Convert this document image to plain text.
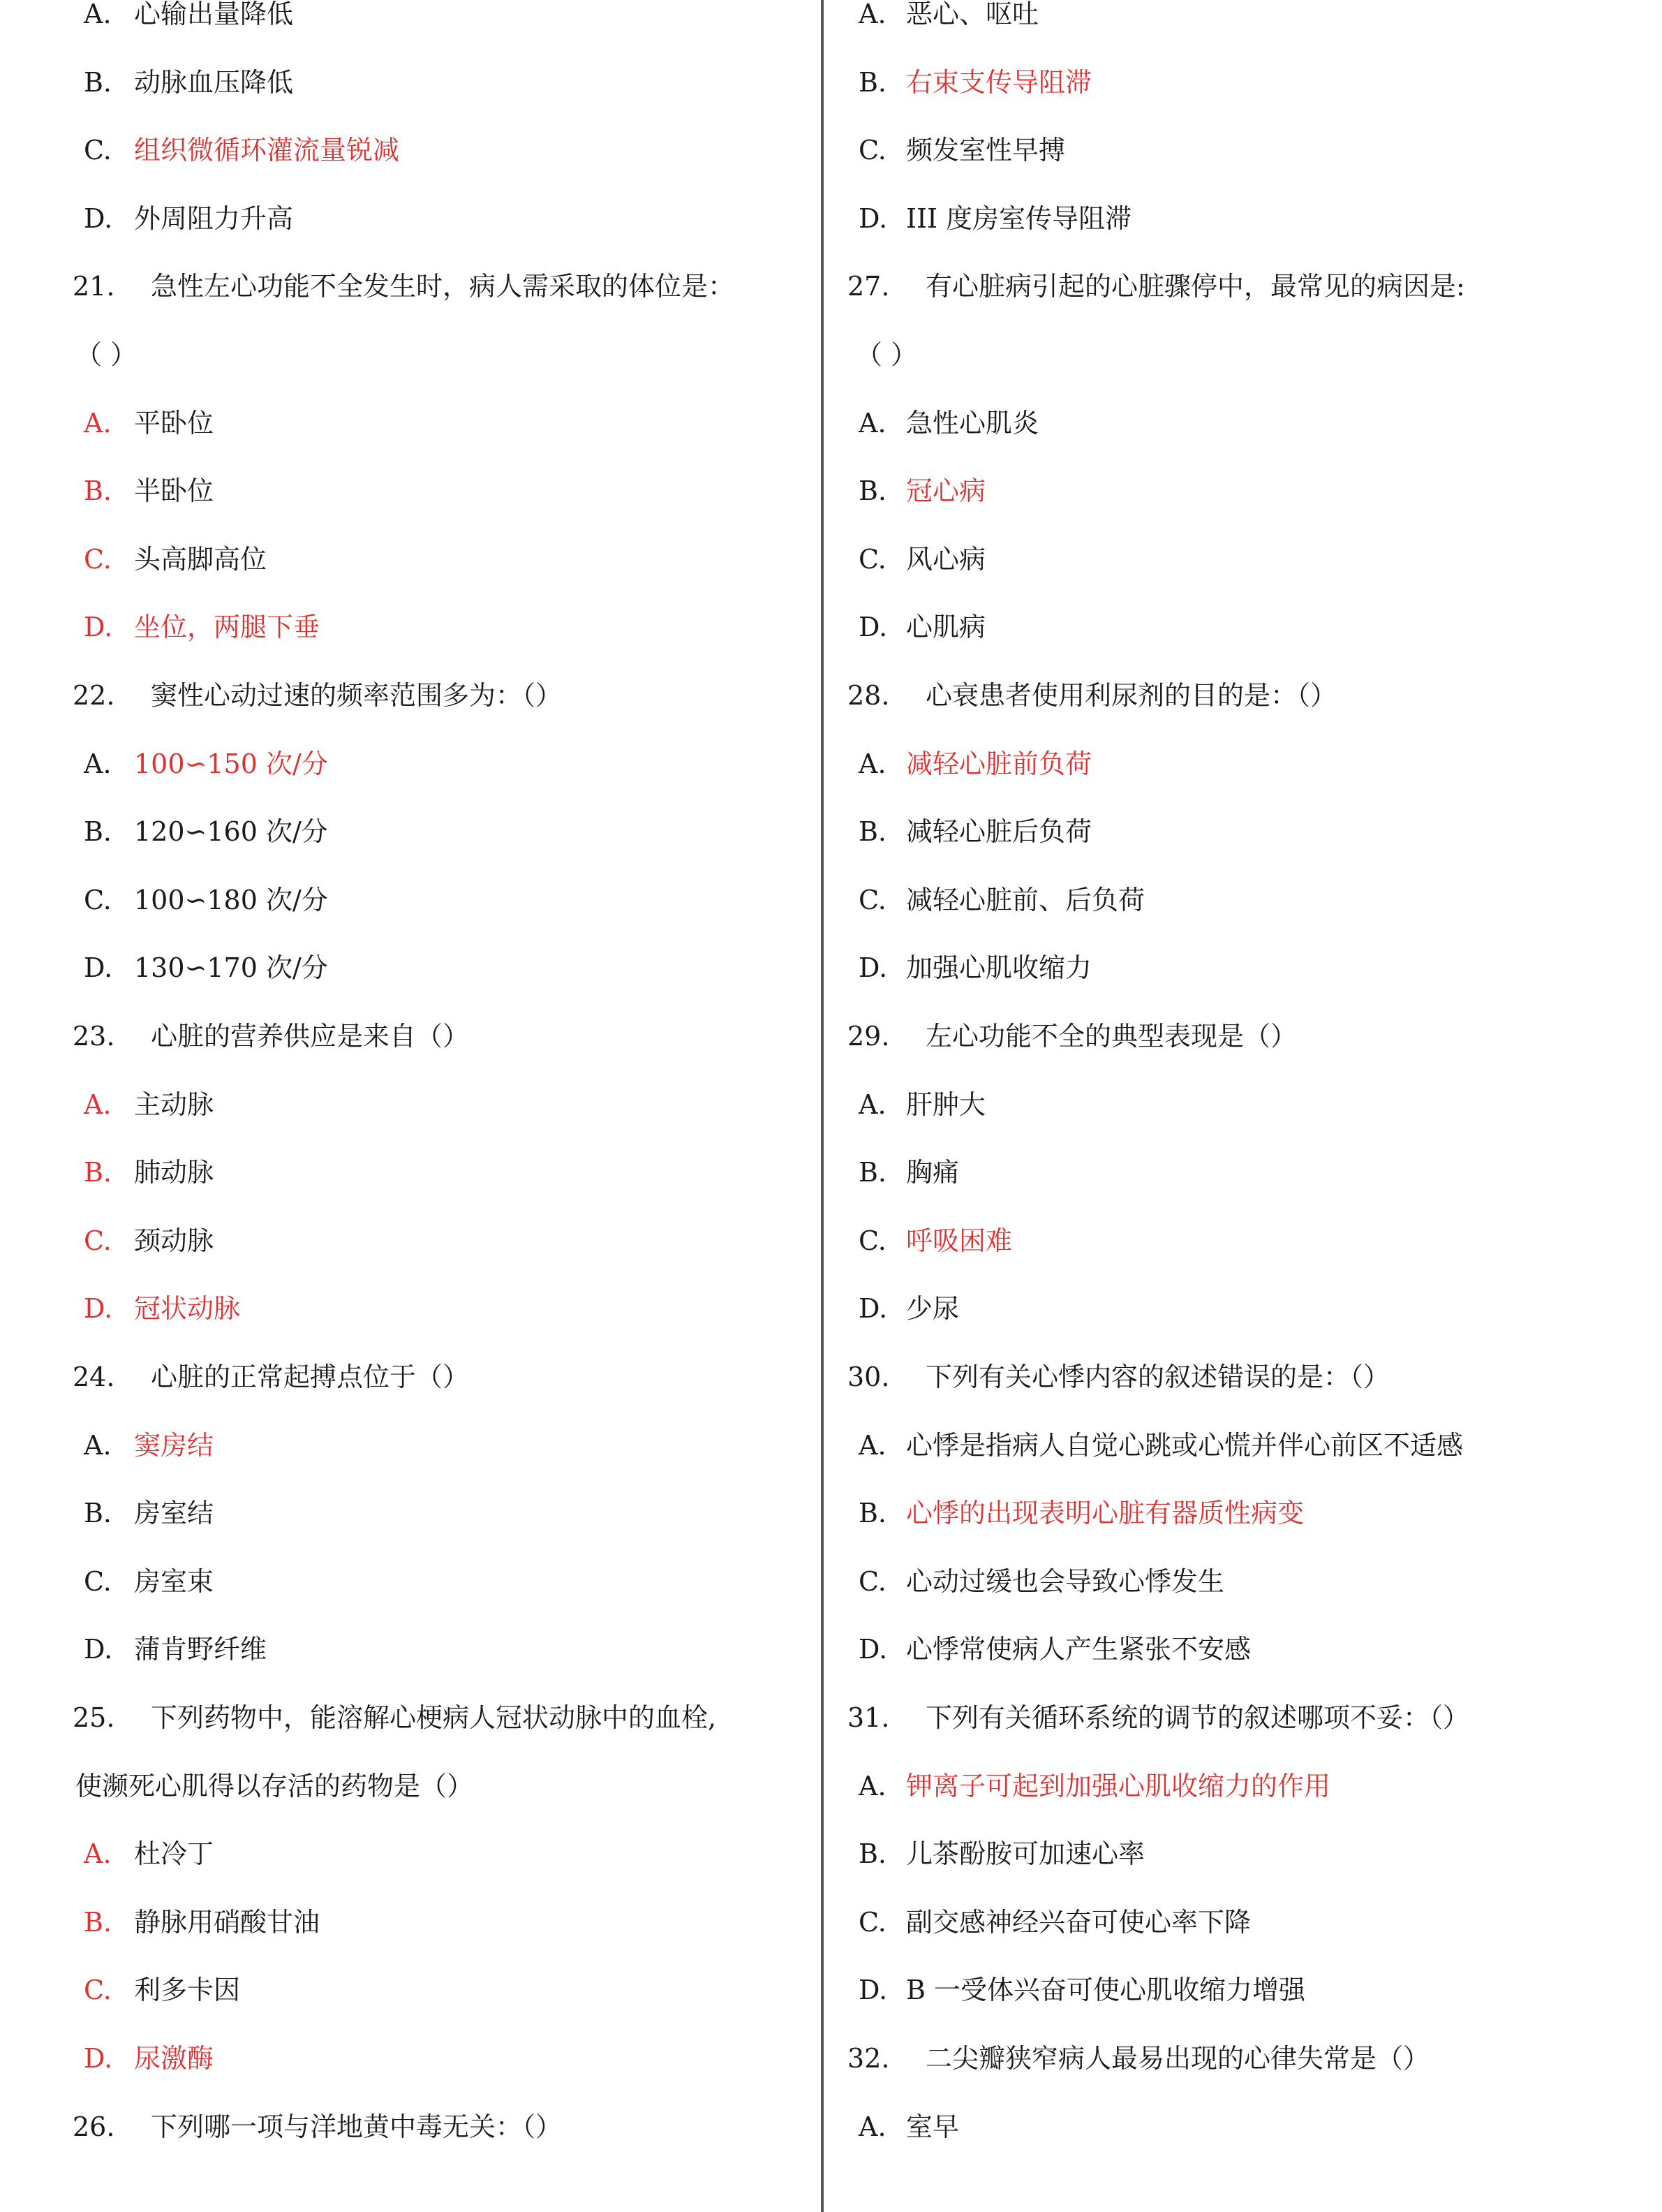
A. 心输出量降低
B. 动脉血压降低
C. 组织微循环灌流量锐减
D. 外周阻力升高
21. 急性左心功能不全发生时，病人需采取的体位是：
（ ）
A. 平卧位
B. 半卧位
C. 头高脚高位
D. 坐位，两腿下垂
22. 窦性心动过速的频率范围多为：（）
A. 100∽150 次/分
B. 120∽160 次/分
C. 100∽180 次/分
D. 130∽170 次/分
23. 心脏的营养供应是来自（）
A. 主动脉
B. 肺动脉
C. 颈动脉
D. 冠状动脉
24. 心脏的正常起搏点位于（）
A. 窦房结
B. 房室结
C. 房室束
D. 蒲肯野纤维
25. 下列药物中，能溶解心梗病人冠状动脉中的血栓,
使濒死心肌得以存活的药物是（）
A. 杜冷丁
B. 静脉用硝酸甘油
C. 利多卡因
D. 尿激酶
26. 下列哪一项与洋地黄中毒无关：（）
A. 恶心、呕吐
B. 右束支传导阻滞
C. 频发室性早搏
D. III 度房室传导阻滞
27. 有心脏病引起的心脏骤停中，最常见的病因是:
（ ）
A. 急性心肌炎
B. 冠心病
C. 风心病
D. 心肌病
28. 心衰患者使用利尿剂的目的是：（）
A. 减轻心脏前负荷
B. 减轻心脏后负荷
C. 减轻心脏前、后负荷
D. 加强心肌收缩力
29. 左心功能不全的典型表现是（）
A. 肝肿大
B. 胸痛
C. 呼吸困难
D. 少尿
30. 下列有关心悸内容的叙述错误的是：（）
A. 心悸是指病人自觉心跳或心慌并伴心前区不适感
B. 心悸的出现表明心脏有器质性病变
C. 心动过缓也会导致心悸发生
D. 心悸常使病人产生紧张不安感
31. 下列有关循环系统的调节的叙述哪项不妥：（）
A. 钾离子可起到加强心肌收缩力的作用
B. 儿茶酚胺可加速心率
C. 副交感神经兴奋可使心率下降
D. B 一受体兴奋可使心肌收缩力增强
32. 二尖瓣狭窄病人最易出现的心律失常是（）
A. 室早
